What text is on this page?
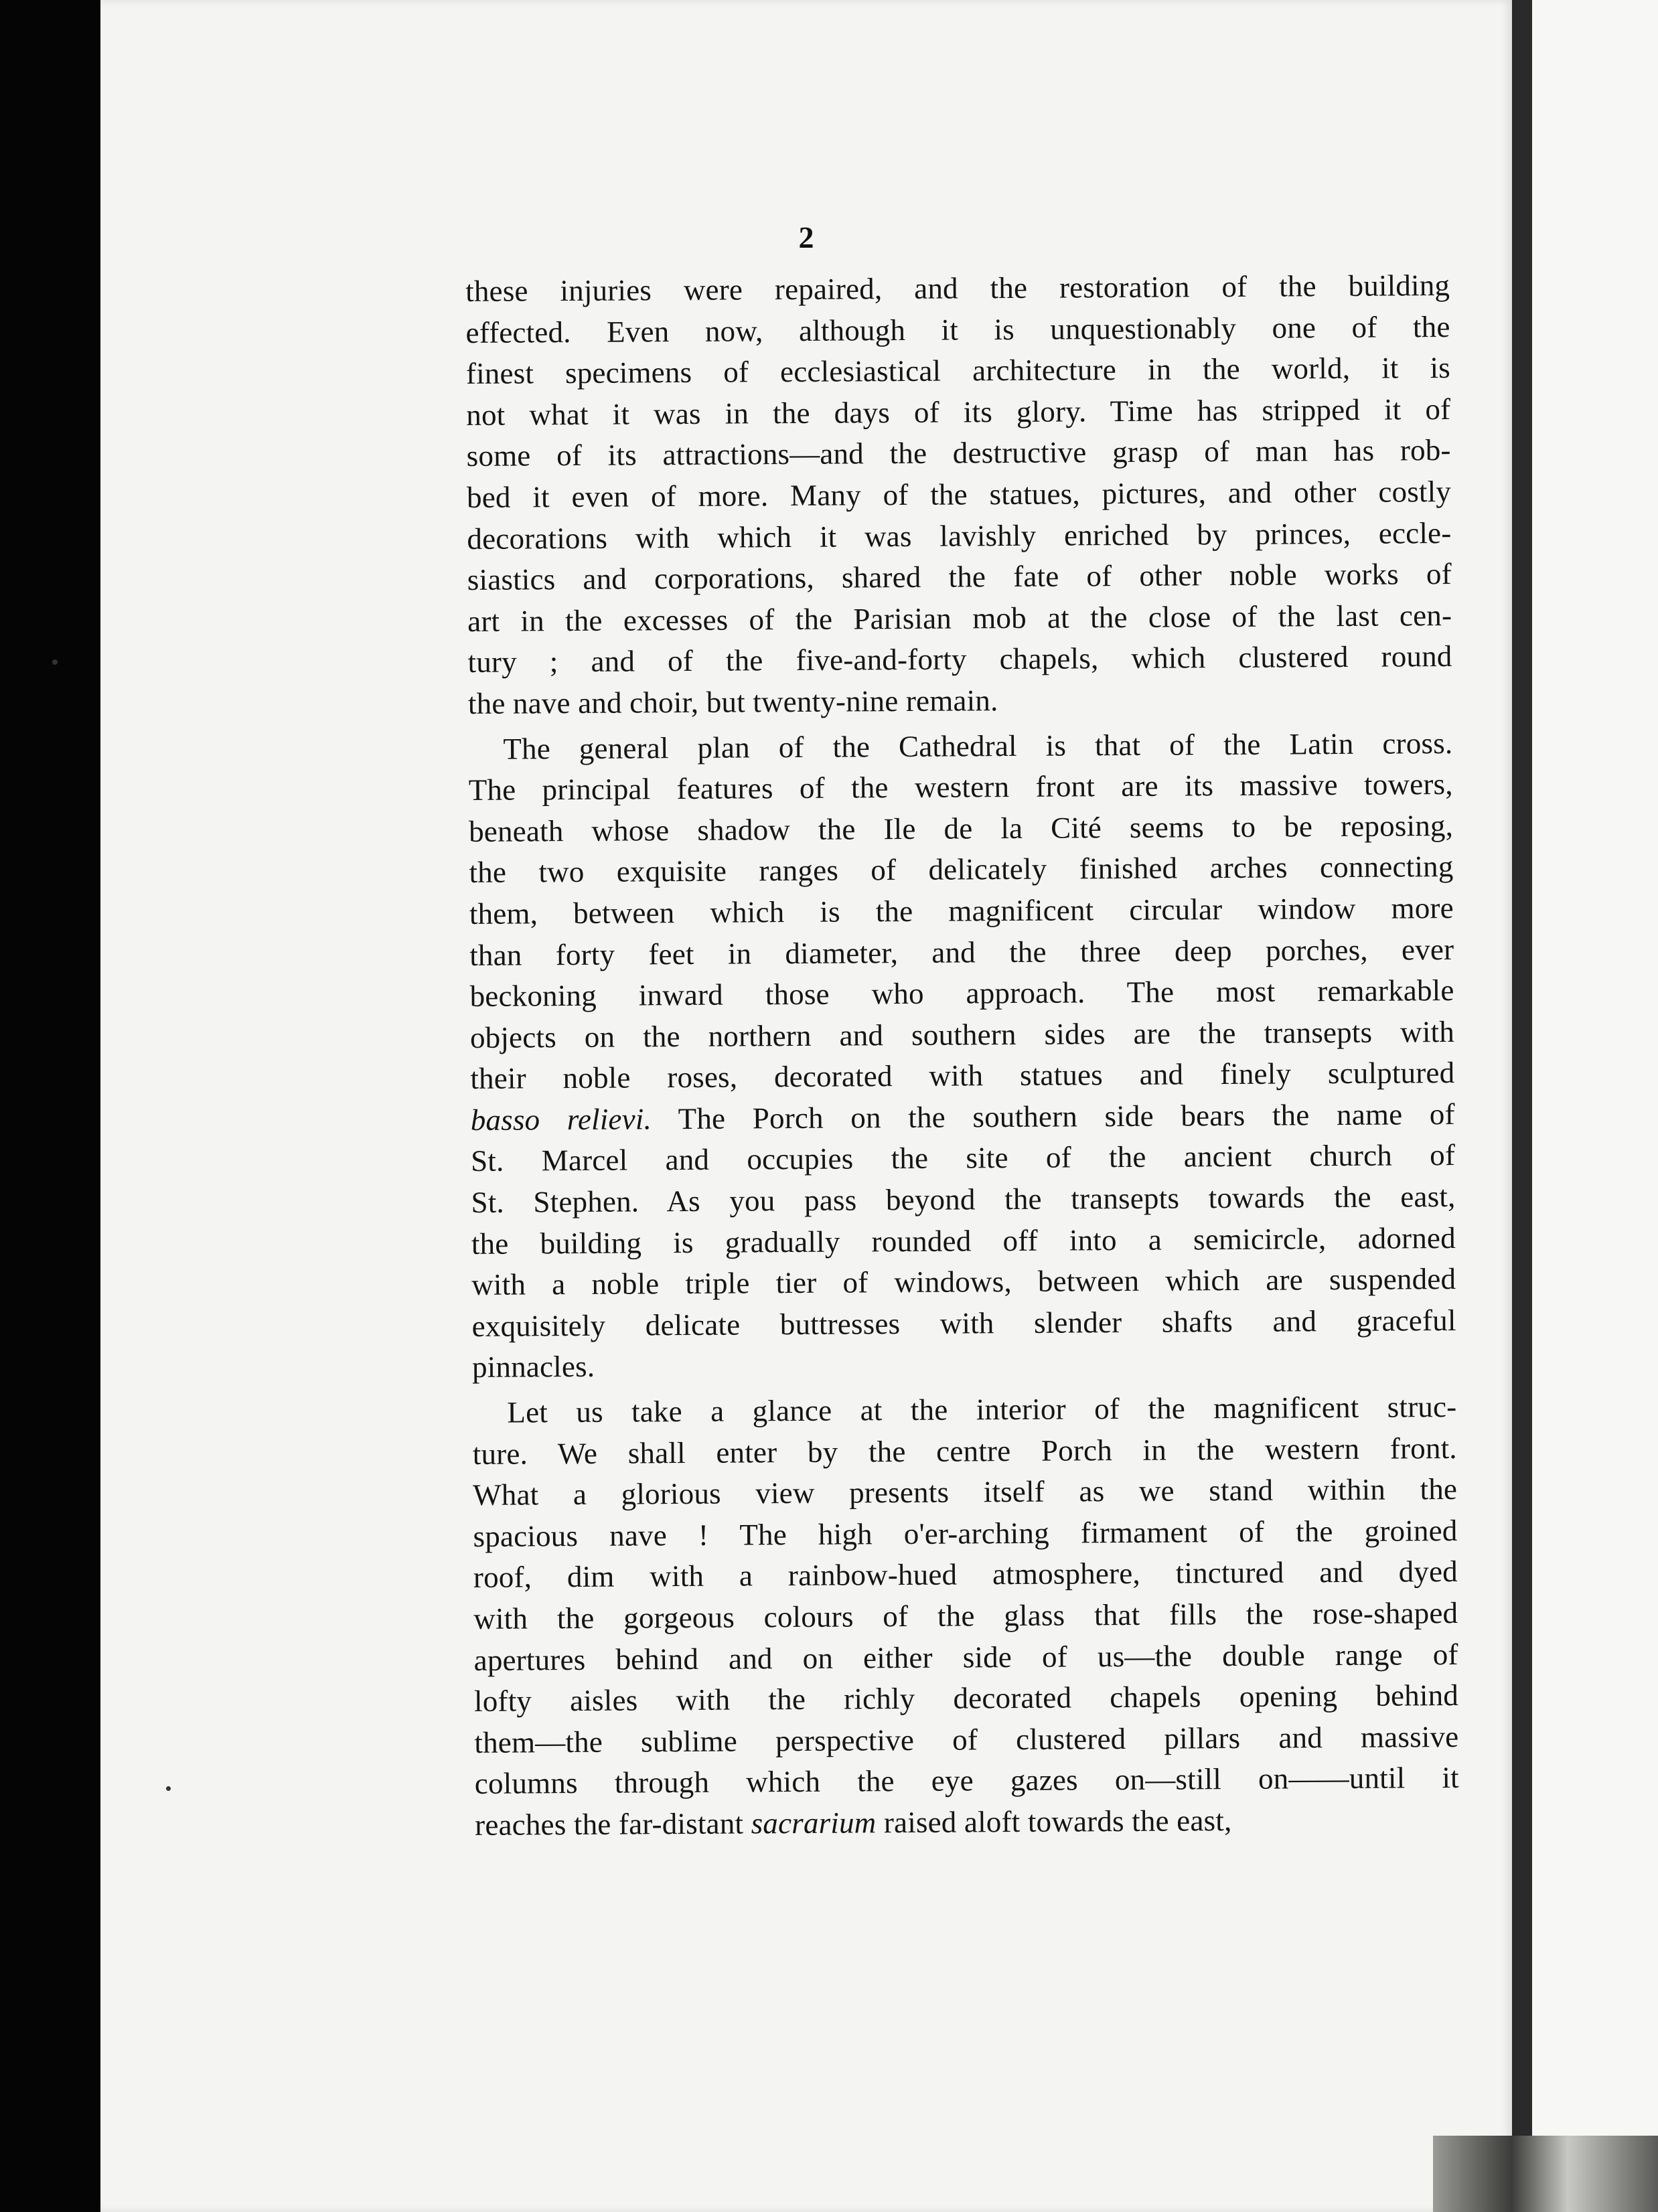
2

these injuries were repaired, and the restoration of the building
effected. Even now, although it is unquestionably one of the
finest specimens of ecclesiastical architecture in the world, it is
not what it was in the days of its glory. Time has stripped it of
some of its attractions—and the destructive grasp of man has rob-
bed it even of more. Many of the statues, pictures, and other costly
decorations with which it was lavishly enriched by princes, eccle-
siastics and corporations, shared the fate of other noble works of
art in the excesses of the Parisian mob at the close of the last cen-
tury ; and of the five-and-forty chapels, which clustered round
the nave and choir, but twenty-nine remain.

The general plan of the Cathedral is that of the Latin cross.
The principal features of the western front are its massive towers,
beneath whose shadow the Ile de la Cité seems to be reposing,
the two exquisite ranges of delicately finished arches connecting
them, between which is the magnificent circular window more
than forty feet in diameter, and the three deep porches, ever
beckoning inward those who approach. The most remarkable
objects on the northern and southern sides are the transepts with
their noble roses, decorated with statues and finely sculptured
basso relievi. The Porch on the southern side bears the name of
St. Marcel and occupies the site of the ancient church of
St. Stephen. As you pass beyond the transepts towards the east,
the building is gradually rounded off into a semicircle, adorned
with a noble triple tier of windows, between which are suspended
exquisitely delicate buttresses with slender shafts and graceful
pinnacles.

Let us take a glance at the interior of the magnificent struc-
ture. We shall enter by the centre Porch in the western front.
What a glorious view presents itself as we stand within the
spacious nave ! The high o'er-arching firmament of the groined
roof, dim with a rainbow-hued atmosphere, tinctured and dyed
with the gorgeous colours of the glass that fills the rose-shaped
apertures behind and on either side of us—the double range of
lofty aisles with the richly decorated chapels opening behind
them—the sublime perspective of clustered pillars and massive
columns through which the eye gazes on—still on——until it
reaches the far-distant sacrarium raised aloft towards the east,
